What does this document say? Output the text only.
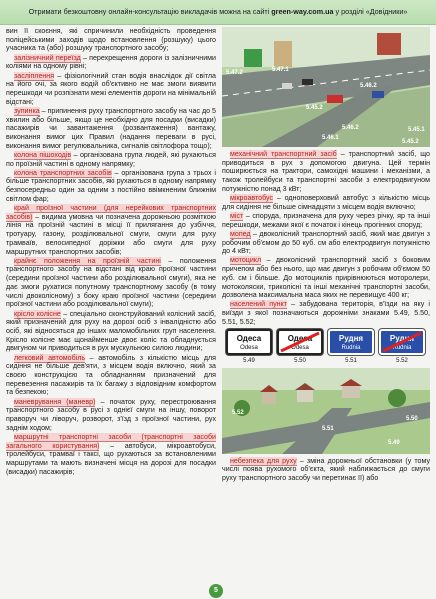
Отримати безкоштовну онлайн-консультацію викладачів можна на сайті green-way.com.ua у розділі «Довідники»

вин її скоєння, які спричинили необхідність проведення поліцейськими заходів щодо встановлення (розшуку) цього учасника та (або) розшуку транспортного засобу;

залізничний переїзд – перехрещення дороги із залізничними коліями на одному рівні;

засліплення – фізіологічний стан водія внаслідок дії світла на його очі, за якого водій об'єктивно не має змоги виявити перешкоди чи розпізнати межі елементів дороги на мінімальній відстані;

зупинка – припинення руху транспортного засобу на час до 5 хвилин або більше, якщо це необхідно для посадки (висадки) пасажирів чи завантаження (розвантаження) вантажу, виконання вимог цих Правил (надання переваги в русі, виконання вимог регулювальника, сигналів світлофора тощо);

колона пішоходів – організована група людей, які рухаються по проїзній частині в одному напрямку;

колона транспортних засобів – організована група з трьох і більше транспортних засобів, які рухаються в одному напрямку безпосередньо один за одним з постійно ввімкненим ближнім світлом фар;

край проїзної частини (для нерейкових транспортних засобів) – видима умовна чи позначена дорожньою розміткою лінія на проїзній частині в місці її прилягання до узбіччя, тротуару, газону, розділювальної смуги, смуги для руху трамваїв, велосипедної доріжки або смуги для руху маршрутних транспортних засобів;

крайнє положення на проїзній частині – положення транспортного засобу на відстані від краю проїзної частини (середини проїзної частини або розділювальної смуги), яка не дає змоги рухатися попутному транспортному засобу (в тому числі двоколісному) з боку краю проїзної частини (середини проїзної частини або розділювальної смуги);

крісло колісне – спеціально сконструйований колісний засіб, який призначений для руху на дорозі осіб з інвалідністю або осіб, які відносяться до інших маломобільних груп населення. Крісло колісне має щонайменше двоє коліс та обладнується двигуном чи приводиться в рух мускульною силою людини;

легковий автомобіль – автомобіль з кількістю місць для сидіння не більше дев'яти, з місцем водія включно, який за своєю конструкцією та обладнанням призначений для перевезення пасажирів та їх багажу з відповідним комфортом та безпекою;

маневрування (маневр) – початок руху, перестроювання транспортного засобу в русі з однієї смуги на іншу, поворот праворуч чи ліворуч, розворот, з'їзд з проїзної частини, рух заднім ходом;

маршрутні транспортні засоби (транспортні засоби загального користування) – автобуси, мікроавтобуси, тролейбуси, трамваї і таксі, що рухаються за встановленими маршрутами та мають визначені місця на дорозі для посадки (висадки) пасажирів;

5.47.2	5.47.1
5.46.2
5.46.1
5.45.1
5.45.2
5.45.2
5.46.2

механічний транспортний засіб – транспортний засіб, що приводиться в рух з допомогою двигуна. Цей термін поширюється на трактори, самохідні машини і механізми, а також тролейбуси та транспортні засоби з електродвигуном потужністю понад 3 кВт;

мікроавтобус – одноповерховий автобус з кількістю місць для сидіння не більше сімнадцяти з місцем водія включно;

міст – споруда, призначена для руху через річку, яр та інші перешкоди, межами якої є початок і кінець прогінних споруд;

мопед – двоколісний транспортний засіб, який має двигун з робочим об'ємом до 50 куб. см або електродвигун потужністю до 4 кВт;

мотоцикл – двоколісний транспортний засіб з боковим причепом або без нього, що має двигун з робочим об'ємом 50 куб. см і більше. До мотоциклів прирівнюються моторолери, мотоколяски, триколісні та інші механічні транспортні засоби, дозволена максимальна маса яких не перевищує 400 кг;

населений пункт – забудована територія, в'їзди на яку і виїзди з якої позначаються дорожніми знаками 5.49, 5.50, 5.51, 5.52;

Одеса
Odesa
5.49
Одеса
Odesa
5.50
Рудня
Rudnia
5.51
Рудня
Rudnia
5.52
5.52
5.51
5.49
5.50

небезпека для руху – зміна дорожньої обстановки (у тому числі поява рухомого об'єкта, який наближається до смуги руху транспортного засобу чи перетинає її) або

5
